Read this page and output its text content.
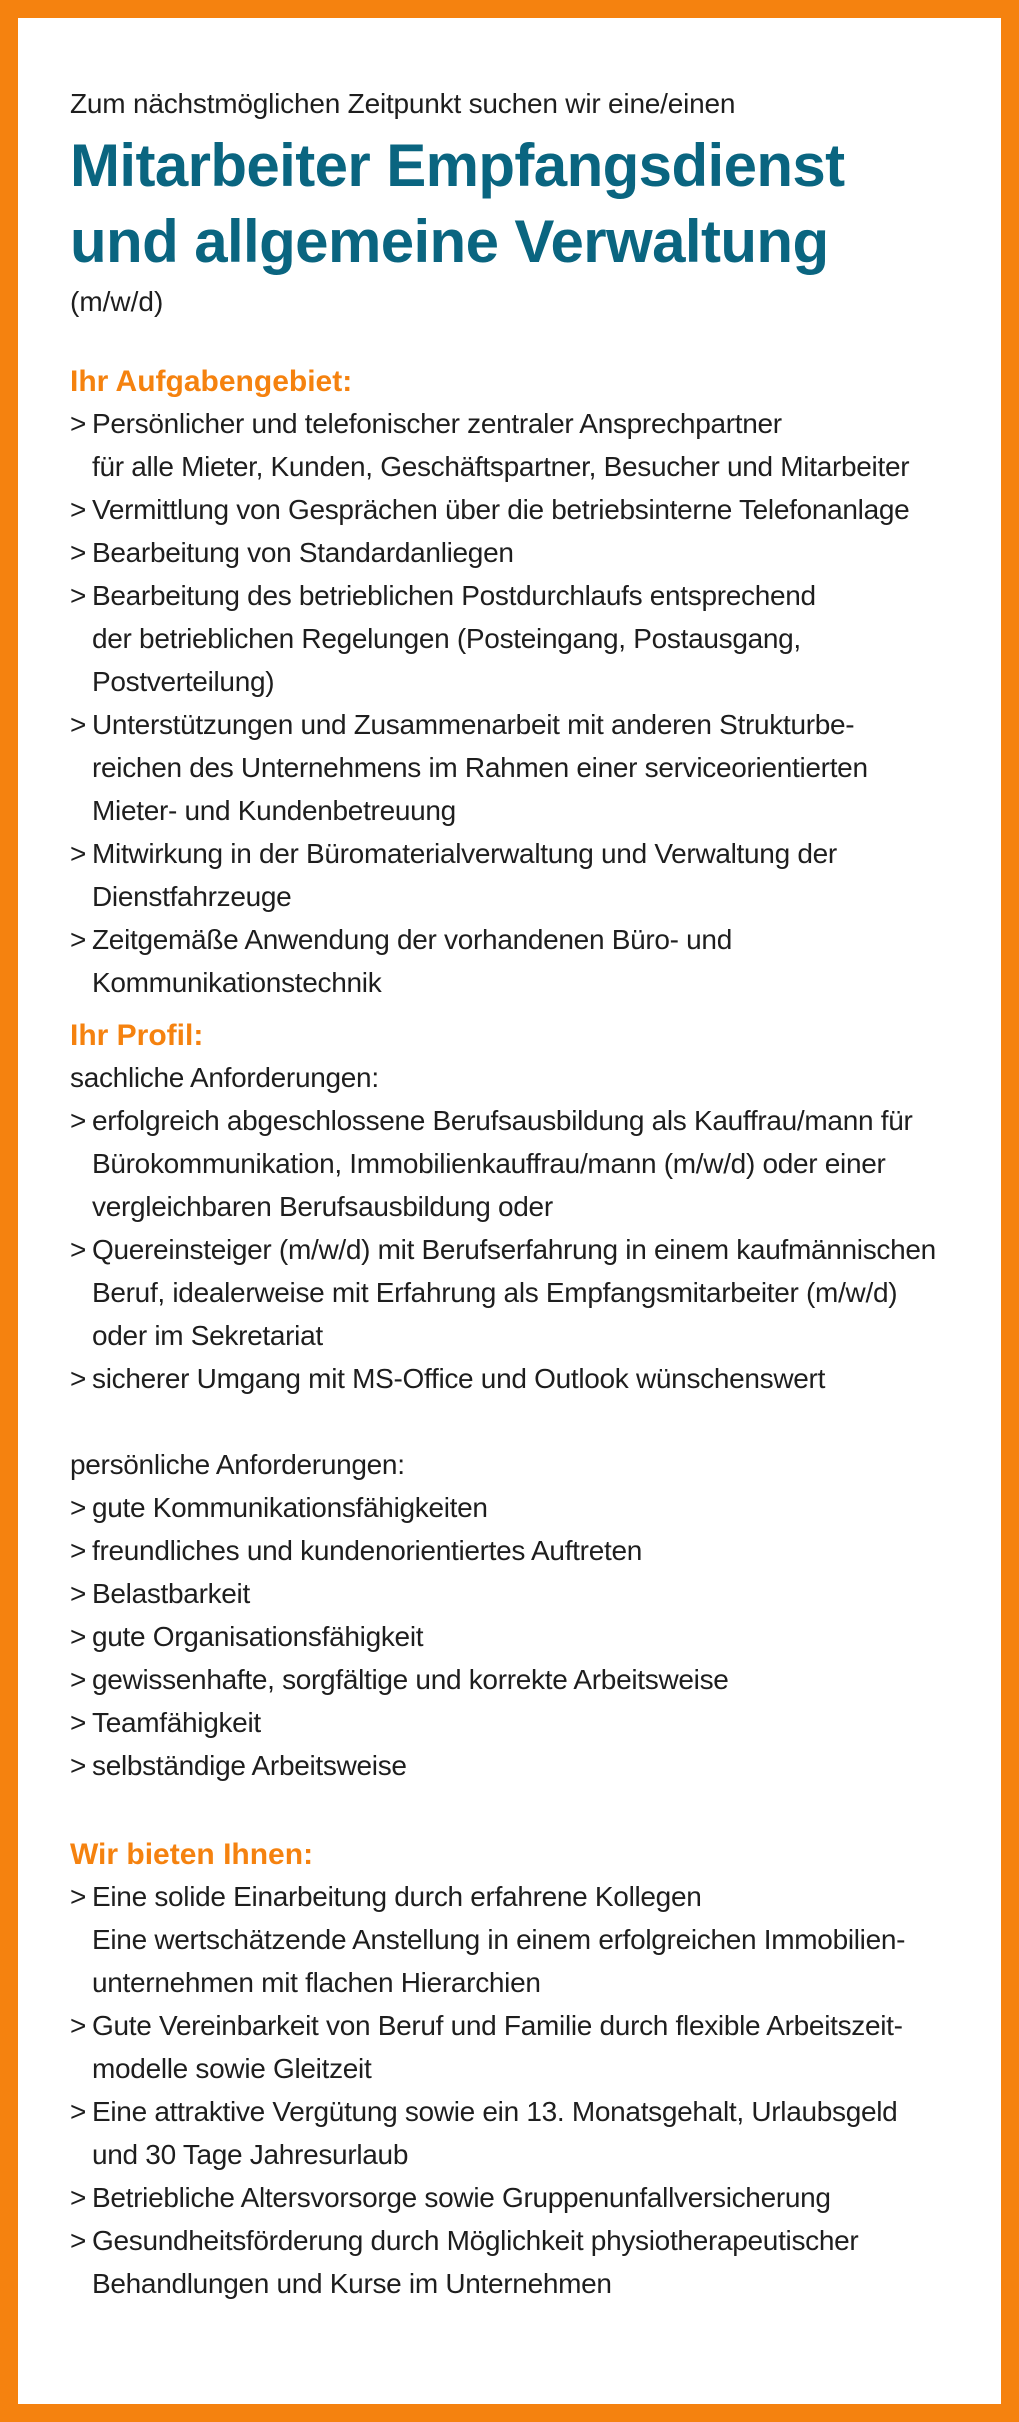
Zum nächstmöglichen Zeitpunkt suchen wir eine/einen

Mitarbeiter Empfangsdienst
und allgemeine Verwaltung

(m/w/d)

Ihr Aufgabengebiet:
> Persönlicher und telefonischer zentraler Ansprechpartner
für alle Mieter, Kunden, Geschäftspartner, Besucher und Mitarbeiter
> Vermittlung von Gesprächen über die betriebsinterne Telefonanlage
> Bearbeitung von Standardanliegen
> Bearbeitung des betrieblichen Postdurchlaufs entsprechend
der betrieblichen Regelungen (Posteingang, Postausgang,
Postverteilung)
> Unterstützungen und Zusammenarbeit mit anderen Strukturbe-
reichen des Unternehmens im Rahmen einer serviceorientierten
Mieter- und Kundenbetreuung
> Mitwirkung in der Büromaterialverwaltung und Verwaltung der
Dienstfahrzeuge
> Zeitgemäße Anwendung der vorhandenen Büro- und
Kommunikationstechnik
Ihr Profil:

sachliche Anforderungen:

> erfolgreich abgeschlossene Berufsausbildung als Kauffrau/mann für
Bürokommunikation, Immobilienkauffrau/mann (m/w/d) oder einer
vergleichbaren Berufsausbildung oder
> Quereinsteiger (m/w/d) mit Berufserfahrung in einem kaufmännischen
Beruf, idealerweise mit Erfahrung als Empfangsmitarbeiter (m/w/d)
oder im Sekretariat
> sicherer Umgang mit MS-Office und Outlook wünschenswert

persönliche Anforderungen:

> gute Kommunikationsfähigkeiten
> freundliches und kundenorientiertes Auftreten
> Belastbarkeit
> gute Organisationsfähigkeit
> gewissenhafte, sorgfältige und korrekte Arbeitsweise
> Teamfähigkeit
> selbständige Arbeitsweise
Wir bieten Ihnen:
> Eine solide Einarbeitung durch erfahrene Kollegen
Eine wertschätzende Anstellung in einem erfolgreichen Immobilien-
unternehmen mit flachen Hierarchien
> Gute Vereinbarkeit von Beruf und Familie durch flexible Arbeitszeit-
modelle sowie Gleitzeit
> Eine attraktive Vergütung sowie ein 13. Monatsgehalt, Urlaubsgeld
und 30 Tage Jahresurlaub
> Betriebliche Altersvorsorge sowie Gruppenunfallversicherung
> Gesundheitsförderung durch Möglichkeit physiotherapeutischer
Behandlungen und Kurse im Unternehmen
